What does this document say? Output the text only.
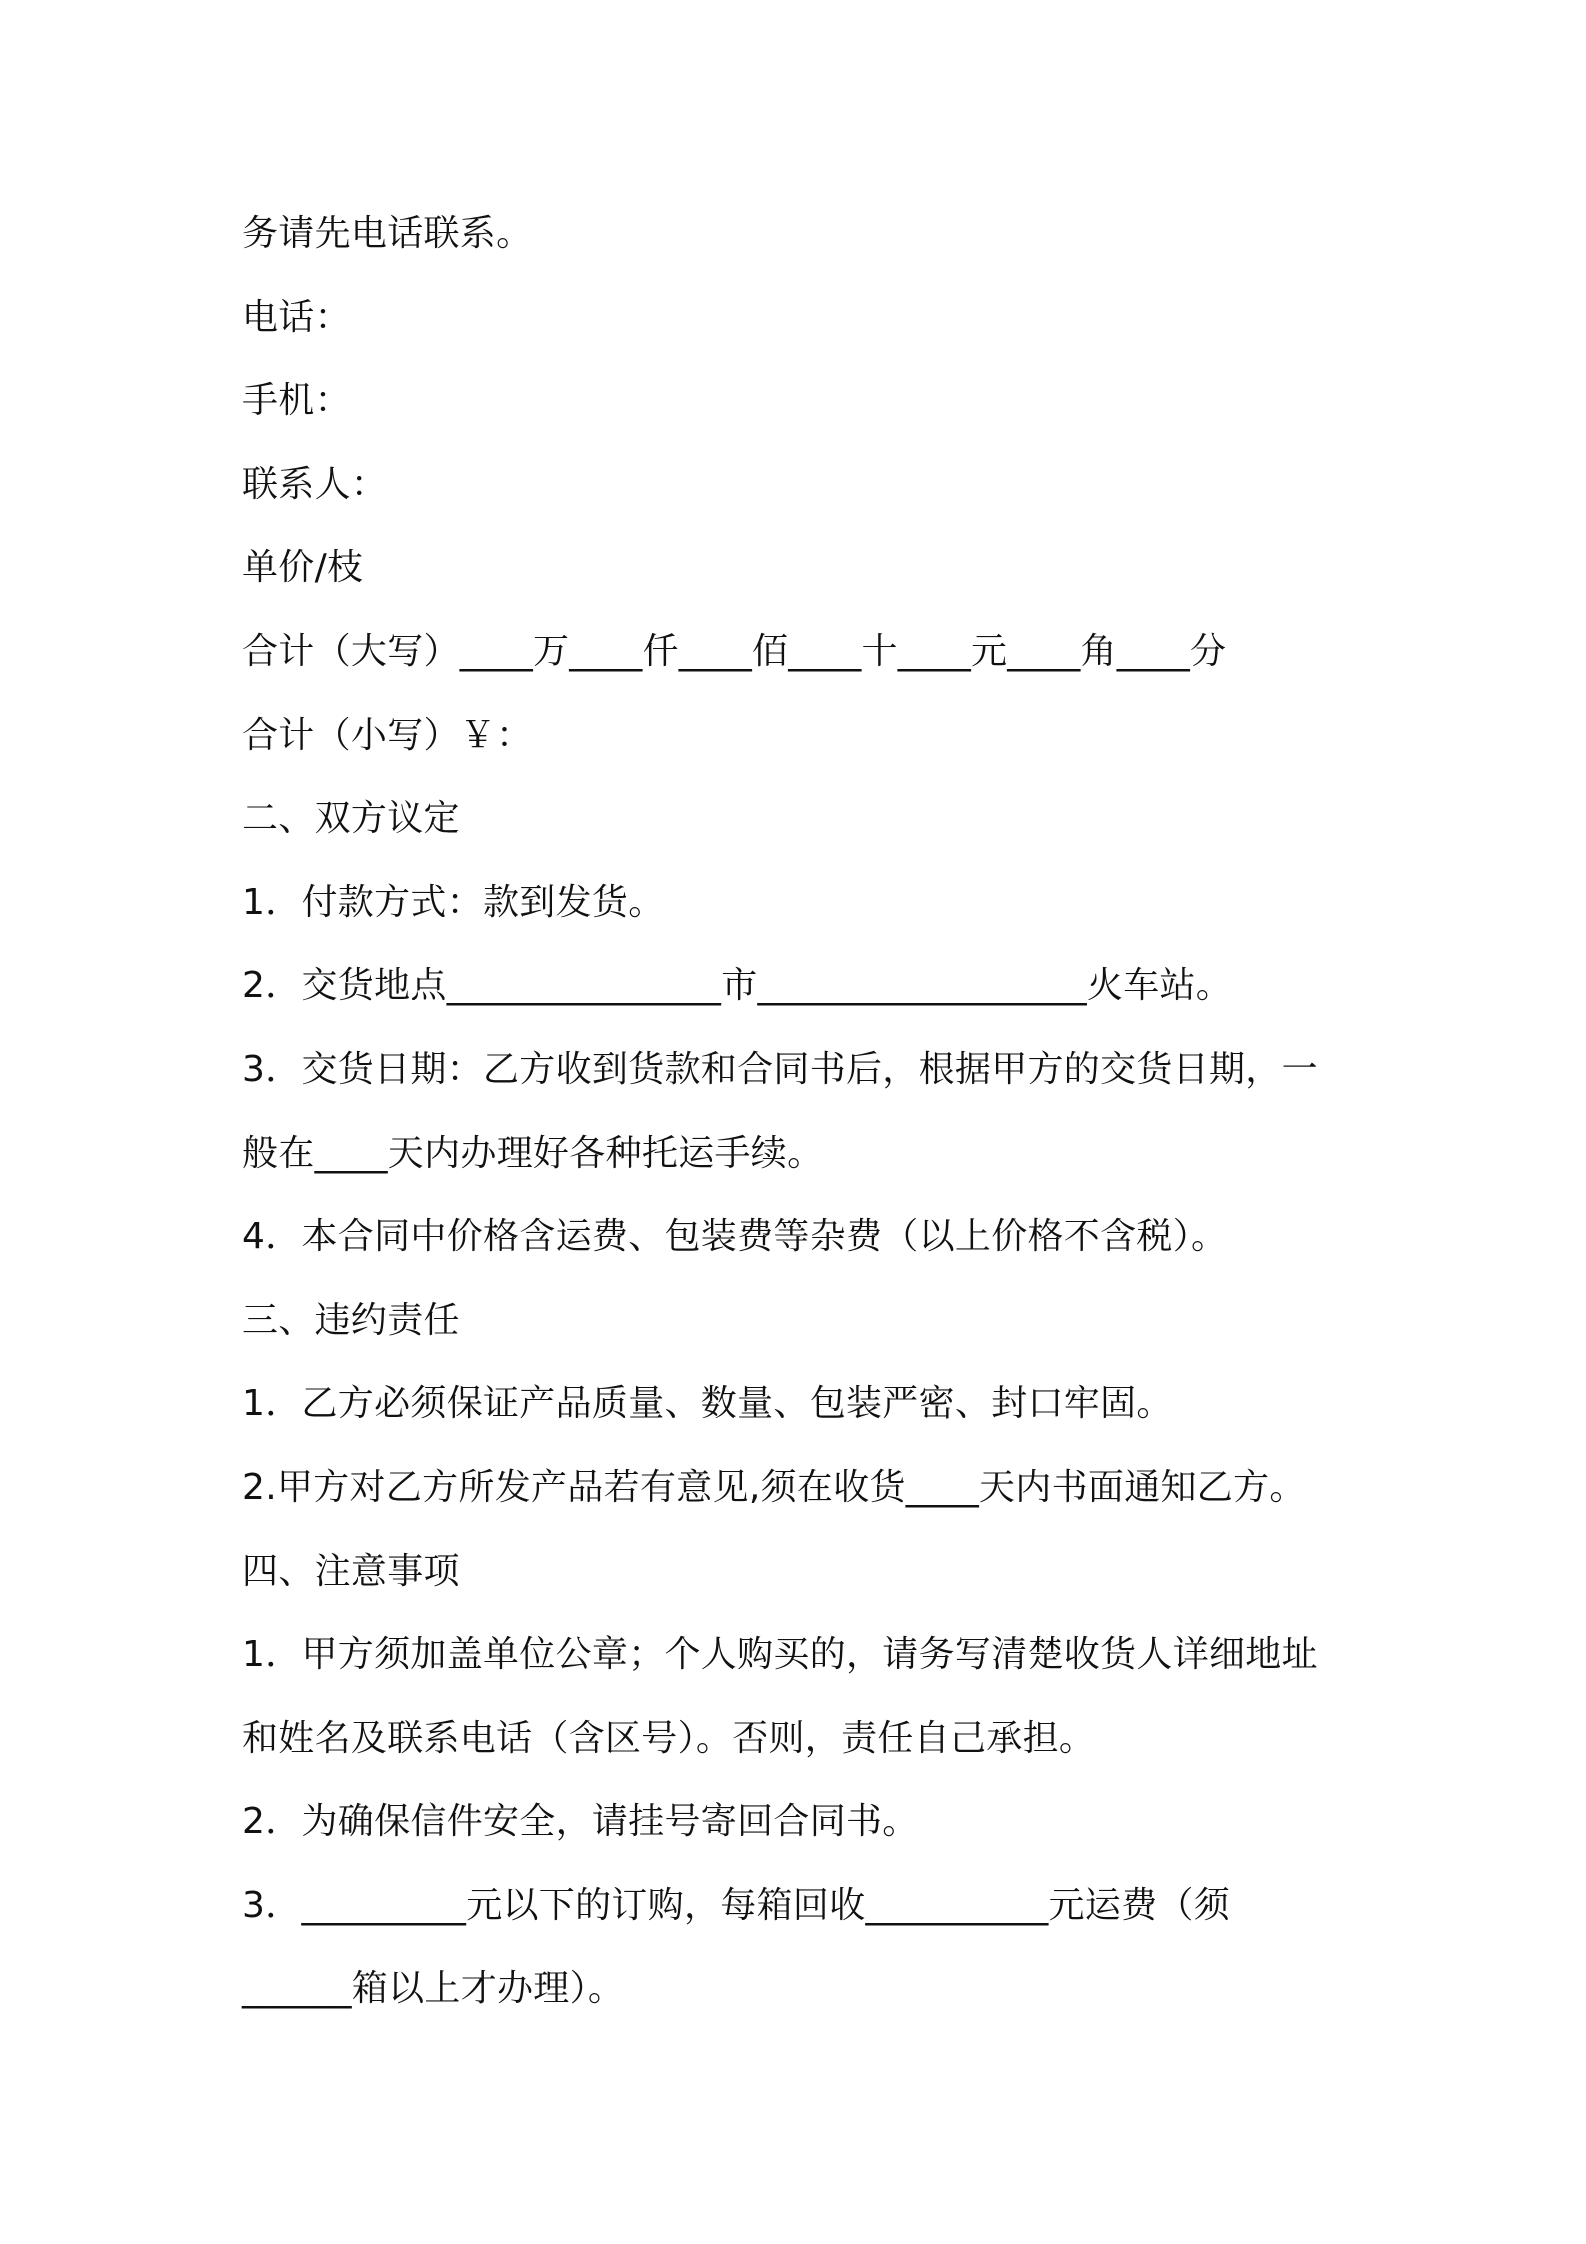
务请先电话联系。
电话：
手机：
联系人：
单价/枝
合计（大写）____万____仟____佰____十____元____角____分
合计（小写）￥：
二、双方议定
1．付款方式：款到发货。
2．交货地点_______________市__________________火车站。
3．交货日期：乙方收到货款和合同书后，根据甲方的交货日期，一
般在____天内办理好各种托运手续。
4．本合同中价格含运费、包装费等杂费（以上价格不含税）。
三、违约责任
1．乙方必须保证产品质量、数量、包装严密、封口牢固。
2.甲方对乙方所发产品若有意见,须在收货____天内书面通知乙方。
四、注意事项
1．甲方须加盖单位公章；个人购买的，请务写清楚收货人详细地址
和姓名及联系电话（含区号）。否则，责任自己承担。
2．为确保信件安全，请挂号寄回合同书。
3．_________元以下的订购，每箱回收__________元运费（须
______箱以上才办理）。
